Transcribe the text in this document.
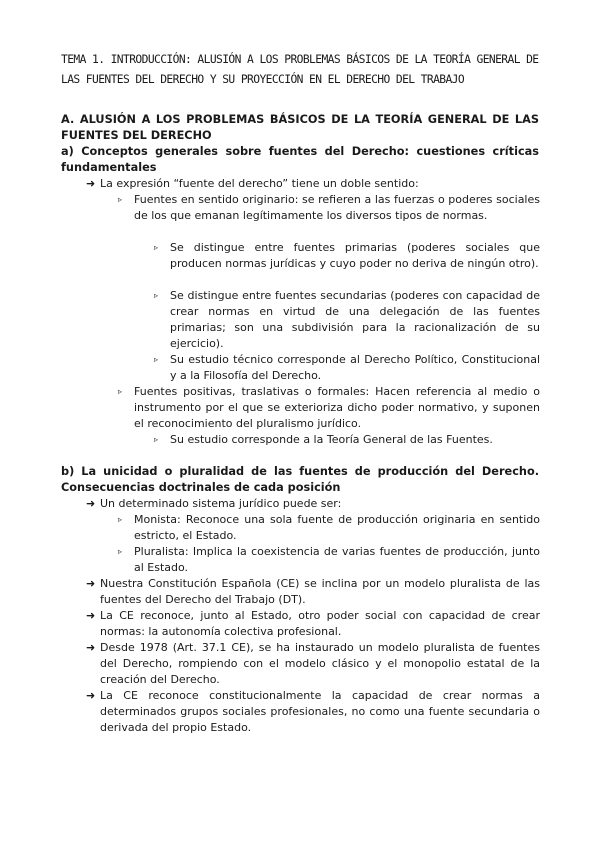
TEMA 1. INTRODUCCIÓN: ALUSIÓN A LOS PROBLEMAS BÁSICOS DE LA TEORÍA GENERAL DE LAS FUENTES DEL DERECHO Y SU PROYECCIÓN EN EL DERECHO DEL TRABAJO

A. ALUSIÓN A LOS PROBLEMAS BÁSICOS DE LA TEORÍA GENERAL DE LAS FUENTES DEL DERECHO

a) Conceptos generales sobre fuentes del Derecho: cuestiones críticas fundamentales

➜ La expresión “fuente del derecho” tiene un doble sentido:

▹ Fuentes en sentido originario: se refieren a las fuerzas o poderes sociales de los que emanan legítimamente los diversos tipos de normas.

▹ Se distingue entre fuentes primarias (poderes sociales que producen normas jurídicas y cuyo poder no deriva de ningún otro).

▹ Se distingue entre fuentes secundarias (poderes con capacidad de crear normas en virtud de una delegación de las fuentes primarias; son una subdivisión para la racionalización de su ejercicio).

▹ Su estudio técnico corresponde al Derecho Político, Constitucional y a la Filosofía del Derecho.

▹ Fuentes positivas, traslativas o formales: Hacen referencia al medio o instrumento por el que se exterioriza dicho poder normativo, y suponen el reconocimiento del pluralismo jurídico.

▹ Su estudio corresponde a la Teoría General de las Fuentes.

b) La unicidad o pluralidad de las fuentes de producción del Derecho. Consecuencias doctrinales de cada posición

➜ Un determinado sistema jurídico puede ser:

▹ Monista: Reconoce una sola fuente de producción originaria en sentido estricto, el Estado.

▹ Pluralista: Implica la coexistencia de varias fuentes de producción, junto al Estado.

➜ Nuestra Constitución Española (CE) se inclina por un modelo pluralista de las fuentes del Derecho del Trabajo (DT).

➜ La CE reconoce, junto al Estado, otro poder social con capacidad de crear normas: la autonomía colectiva profesional.

➜ Desde 1978 (Art. 37.1 CE), se ha instaurado un modelo pluralista de fuentes del Derecho, rompiendo con el modelo clásico y el monopolio estatal de la creación del Derecho.

➜ La CE reconoce constitucionalmente la capacidad de crear normas a determinados grupos sociales profesionales, no como una fuente secundaria o derivada del propio Estado.
